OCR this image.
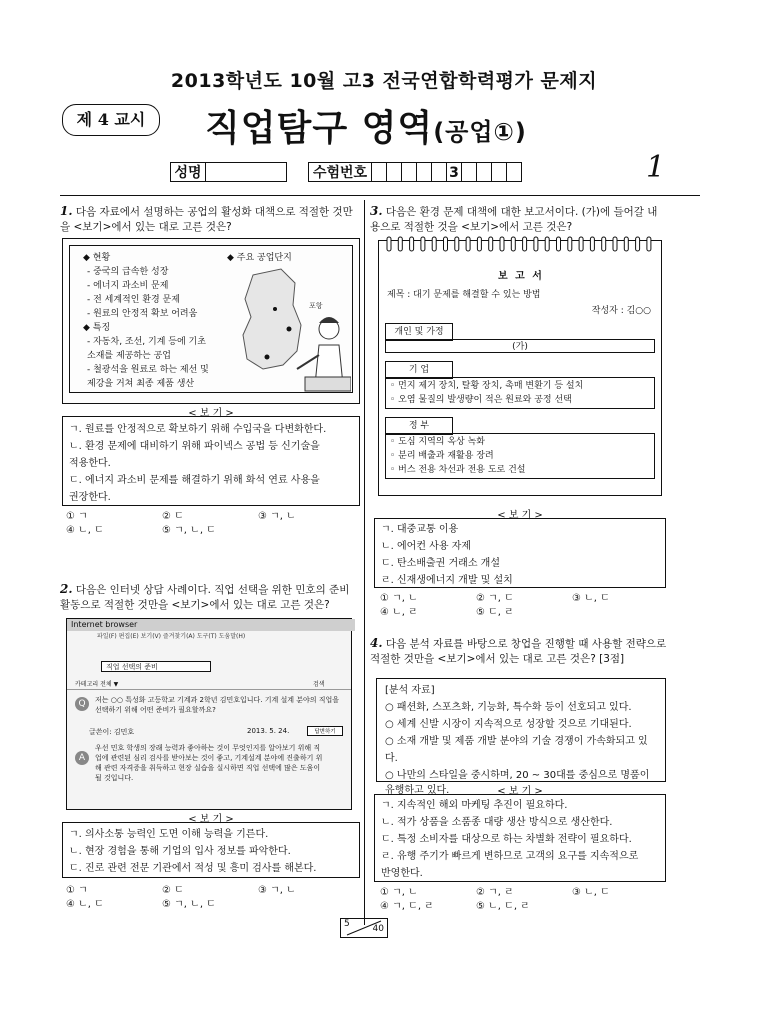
2013학년도 10월 고3 전국연합학력평가 문제지
제 4 교시	직업탐구 영역(공업①)
성명	수험번호	3	1
1. 다음 자료에서 설명하는 공업의 활성화 대책으로 적절한 것만
을 <보기>에서 있는 대로 고른 것은?
◆ 현황
- 중국의 급속한 성장
- 에너지 과소비 문제
- 전 세계적인 환경 문제
- 원료의 안정적 확보 어려움
◆ 특징
- 자동차, 조선, 기계 등에 기초
소재를 제공하는 공업
- 철광석을 원료로 하는 제선 및
제강을 거쳐 최종 제품 생산
◆ 주요 공업단지
포항
< 보 기 >
ㄱ. 원료를 안정적으로 확보하기 위해 수입국을 다변화한다.
ㄴ. 환경 문제에 대비하기 위해 파이넥스 공법 등 신기술을
적용한다.
ㄷ. 에너지 과소비 문제를 해결하기 위해 화석 연료 사용을
권장한다.
① ㄱ	② ㄷ	③ ㄱ, ㄴ
④ ㄴ, ㄷ	⑤ ㄱ, ㄴ, ㄷ
2. 다음은 인터넷 상담 사례이다. 직업 선택을 위한 민호의 준비
활동으로 적절한 것만을 <보기>에서 있는 대로 고른 것은?
Internet browser
파일(F) 편집(E) 보기(V) 즐겨찾기(A) 도구(T) 도움말(H)
직업 선택의 준비
카테고리 전체 ▼	검색
Q	저는 ○○ 특성화 고등학교 기계과 2학년 김민호입니다. 기계 설계 분야의 직업을 선택하기 위해 어떤 준비가 필요할까요?
글쓴이: 김민호	2013. 5. 24.	답변하기
A
우선 민호 학생의 장래 능력과 좋아하는 것이 무엇인지를 알아보기 위해 직업에 관련된 심리 검사를 받아보는 것이 좋고, 기계설계 분야에 진출하기 위해 관련 자격증을 취득하고 현장 실습을 실시하면 직업 선택에 많은 도움이 될 것입니다.
< 보 기 >
ㄱ. 의사소통 능력인 도면 이해 능력을 기른다.
ㄴ. 현장 경험을 통해 기업의 입사 정보를 파악한다.
ㄷ. 진로 관련 전문 기관에서 적성 및 흥미 검사를 해본다.
① ㄱ	② ㄷ	③ ㄱ, ㄴ
④ ㄴ, ㄷ	⑤ ㄱ, ㄴ, ㄷ
3. 다음은 환경 문제 대책에 대한 보고서이다. (가)에 들어갈 내
용으로 적절한 것을 <보기>에서 고른 것은?
보 고 서
제목 : 대기 문제를 해결할 수 있는 방법
작성자 : 김○○
개인 및 가정
(가)
기 업
◦ 먼지 제거 장치, 탈황 장치, 촉매 변환기 등 설치
◦ 오염 물질의 발생량이 적은 원료와 공정 선택
정 부
◦ 도심 지역의 옥상 녹화
◦ 분리 배출과 재활용 장려
◦ 버스 전용 차선과 전용 도로 건설
< 보 기 >
ㄱ. 대중교통 이용
ㄴ. 에어컨 사용 자제
ㄷ. 탄소배출권 거래소 개설
ㄹ. 신재생에너지 개발 및 설치
① ㄱ, ㄴ	② ㄱ, ㄷ	③ ㄴ, ㄷ
④ ㄴ, ㄹ	⑤ ㄷ, ㄹ
4. 다음 분석 자료를 바탕으로 창업을 진행할 때 사용할 전략으로
적절한 것만을 <보기>에서 있는 대로 고른 것은? [3점]
[분석 자료]
○ 패션화, 스포츠화, 기능화, 특수화 등이 선호되고 있다.
○ 세계 신발 시장이 지속적으로 성장할 것으로 기대된다.
○ 소재 개발 및 제품 개발 분야의 기술 경쟁이 가속화되고 있다.
○ 나만의 스타일을 중시하며, 20 ~ 30대를 중심으로 명품이
유행하고 있다.	< 보 기 >
ㄱ. 지속적인 해외 마케팅 추진이 필요하다.
ㄴ. 적가 상품을 소품종 대량 생산 방식으로 생산한다.
ㄷ. 특정 소비자를 대상으로 하는 차별화 전략이 필요하다.
ㄹ. 유행 주기가 빠르게 변하므로 고객의 요구를 지속적으로
반영한다.
① ㄱ, ㄴ	② ㄱ, ㄹ	③ ㄴ, ㄷ
④ ㄱ, ㄷ, ㄹ	⑤ ㄴ, ㄷ, ㄹ
5	40
